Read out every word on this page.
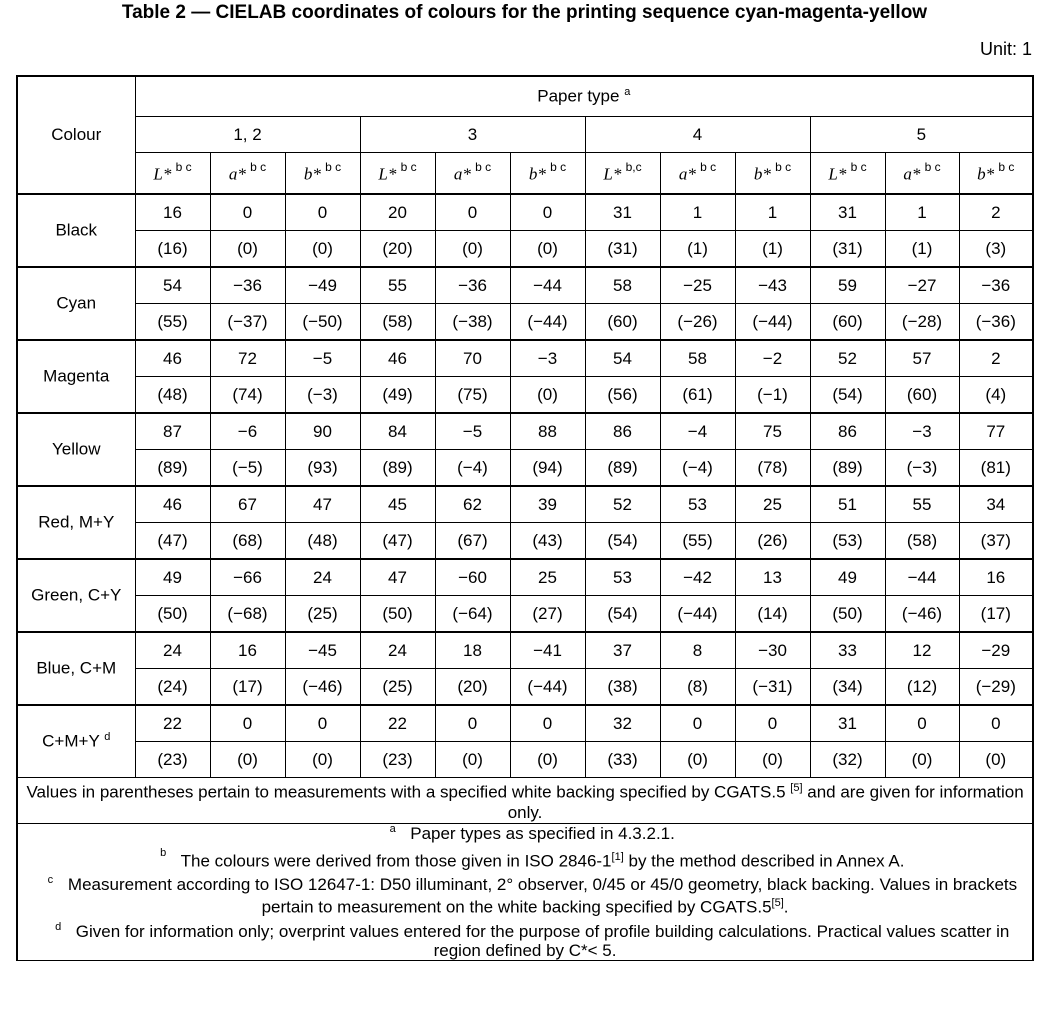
Table 2 — CIELAB coordinates of colours for the printing sequence cyan-magenta-yellow
Unit: 1
Colour	Paper type $^a$
	1, 2			3			4			5		
	L* $^{b c}$	a* $^{b c}$	b* $^{b c}$	L* $^{b c}$	a* $^{b c}$	b* $^{b c}$	L* $^{b,c}$	a* $^{b c}$	b* $^{b c}$	L* $^{b c}$	a* $^{b c}$	b* $^{b c}$
Black	16	0	0	20	0	0	31	1	1	31	1	2
	(16)	(0)	(0)	(20)	(0)	(0)	(31)	(1)	(1)	(31)	(1)	(3)
Cyan	54	−36	−49	55	−36	−44	58	−25	−43	59	−27	−36
	(55)	(−37)	(−50)	(58)	(−38)	(−44)	(60)	(−26)	(−44)	(60)	(−28)	(−36)
Magenta	46	72	−5	46	70	−3	54	58	−2	52	57	2
	(48)	(74)	(−3)	(49)	(75)	(0)	(56)	(61)	(−1)	(54)	(60)	(4)
Yellow	87	−6	90	84	−5	88	86	−4	75	86	−3	77
	(89)	(−5)	(93)	(89)	(−4)	(94)	(89)	(−4)	(78)	(89)	(−3)	(81)
Red, M+Y	46	67	47	45	62	39	52	53	25	51	55	34
	(47)	(68)	(48)	(47)	(67)	(43)	(54)	(55)	(26)	(53)	(58)	(37)
Green, C+Y	49	−66	24	47	−60	25	53	−42	13	49	−44	16
	(50)	(−68)	(25)	(50)	(−64)	(27)	(54)	(−44)	(14)	(50)	(−46)	(17)
Blue, C+M	24	16	−45	24	18	−41	37	8	−30	33	12	−29
	(24)	(17)	(−46)	(25)	(20)	(−44)	(38)	(8)	(−31)	(34)	(12)	(−29)
C+M+Y $^d$	22	0	0	22	0	0	32	0	0	31	0	0
	(23)	(0)	(0)	(23)	(0)	(0)	(33)	(0)	(0)	(32)	(0)	(0)
Values in parentheses pertain to measurements with a specified white backing specified by CGATS.5 [5] and are given for information only.												

a Paper types as specified in 4.3.2.1.
b The colours were derived from those given in ISO 2846-1[1] by the method described in Annex A.
c Measurement according to ISO 12647-1: D50 illuminant, 2° observer, 0/45 or 45/0 geometry, black backing. Values in brackets pertain to measurement on the white backing specified by CGATS.5[5].
d Given for information only; overprint values entered for the purpose of profile building calculations. Practical values scatter in region defined by C*< 5.												
